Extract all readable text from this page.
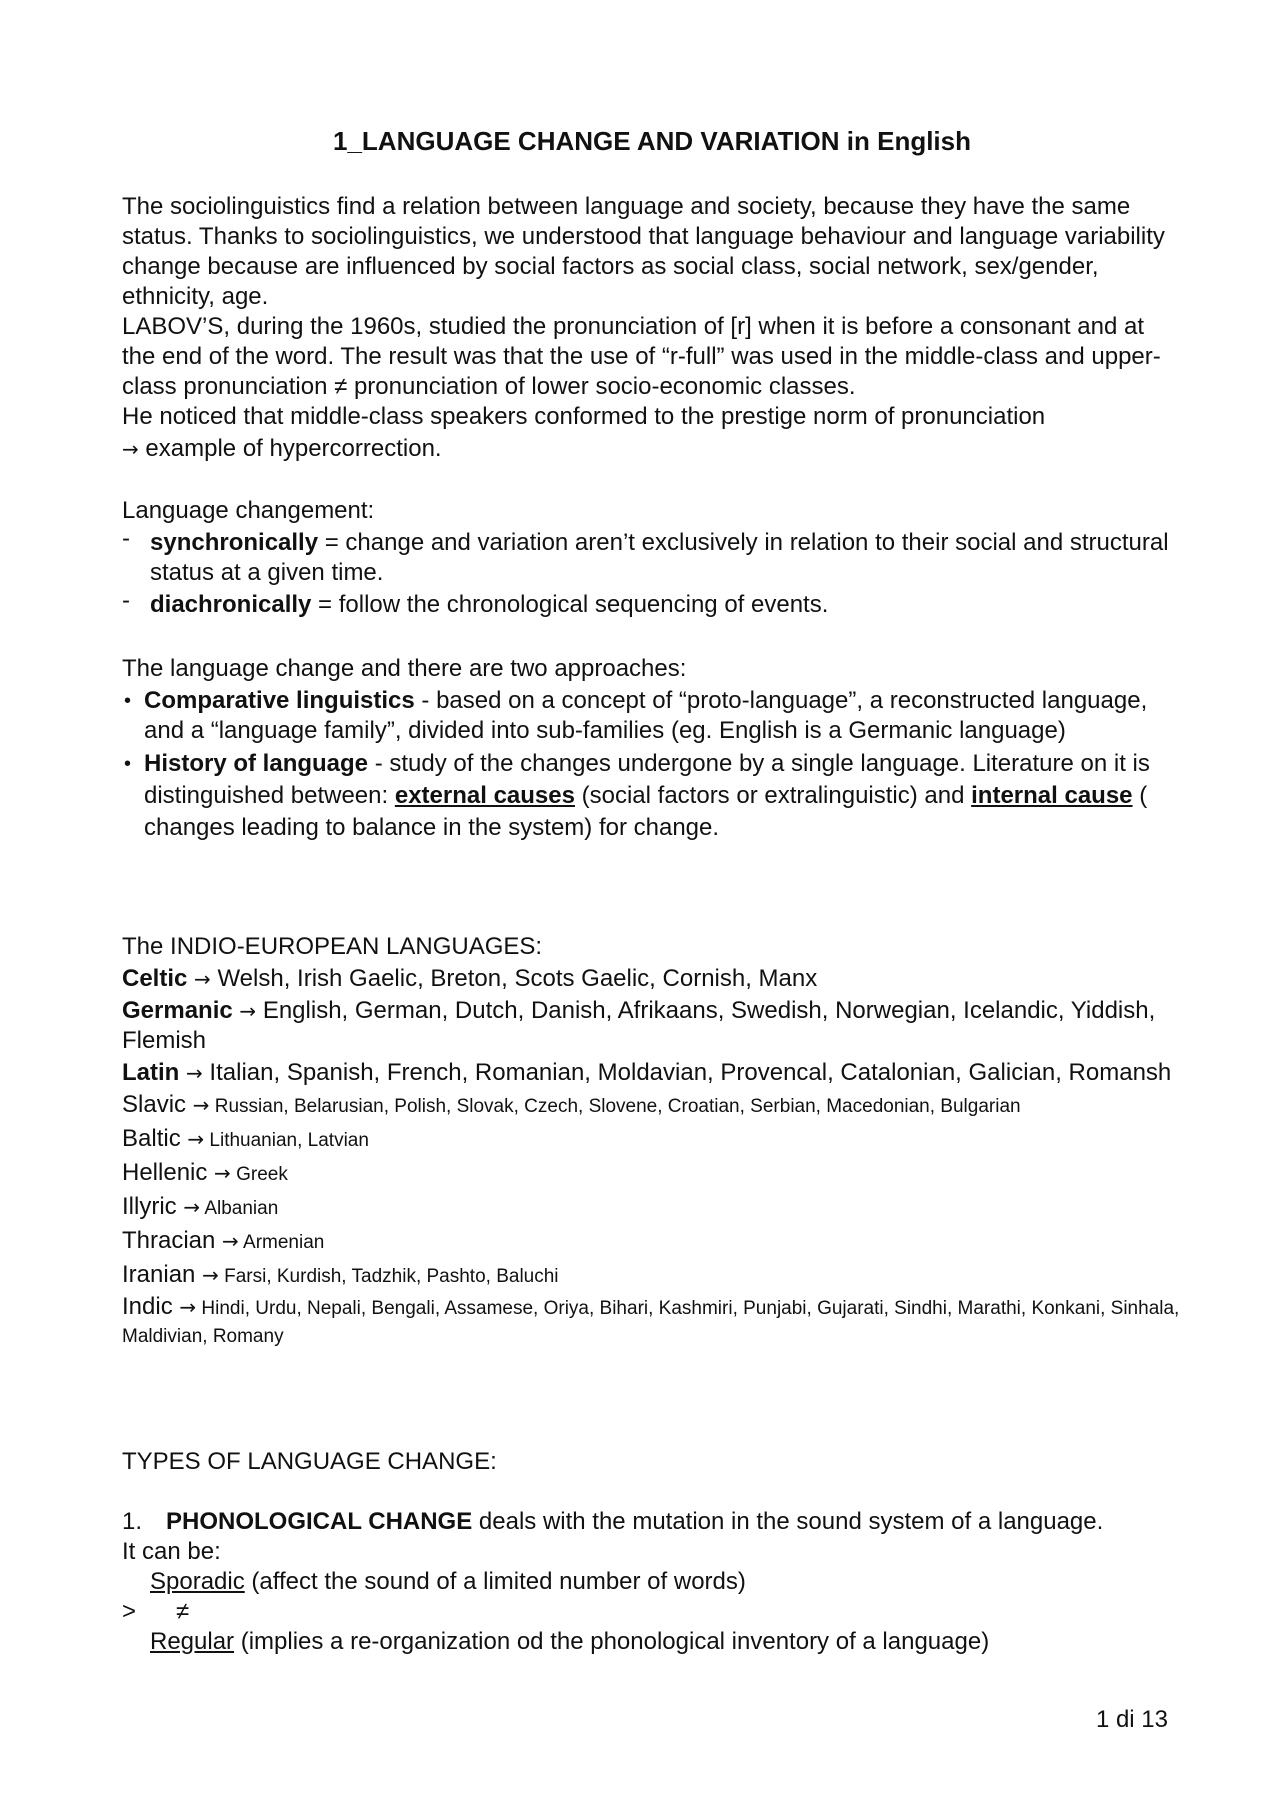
1_LANGUAGE CHANGE AND VARIATION in English

The sociolinguistics find a relation between language and society, because they have the same status. Thanks to sociolinguistics, we understood that language behaviour and language variability change because are influenced by social factors as social class, social network, sex/gender, ethnicity, age.

LABOV’S, during the 1960s, studied the pronunciation of [r] when it is before a consonant and at the end of the word. The result was that the use of “r-full” was used in the middle-class and upper-class pronunciation ≠ pronunciation of lower socio-economic classes.

He noticed that middle-class speakers conformed to the prestige norm of pronunciation

→ example of hypercorrection.

Language changement:

- synchronically = change and variation aren’t exclusively in relation to their social and structural status at a given time.
- diachronically = follow the chronological sequencing of events.

The language change and there are two approaches:

• Comparative linguistics - based on a concept of “proto-language”, a reconstructed language, and a “language family”, divided into sub-families (eg. English is a Germanic language)
• History of language - study of the changes undergone by a single language. Literature on it is distinguished between: external causes (social factors or extralinguistic) and internal cause ( changes leading to balance in the system) for change.

The INDIO-EUROPEAN LANGUAGES:

Celtic → Welsh, Irish Gaelic, Breton, Scots Gaelic, Cornish, Manx

Germanic → English, German, Dutch, Danish, Afrikaans, Swedish, Norwegian, Icelandic, Yiddish, Flemish

Latin → Italian, Spanish, French, Romanian, Moldavian, Provencal, Catalonian, Galician, Romansh

Slavic → Russian, Belarusian, Polish, Slovak, Czech, Slovene, Croatian, Serbian, Macedonian, Bulgarian

Baltic → Lithuanian, Latvian

Hellenic → Greek

Illyric → Albanian

Thracian → Armenian

Iranian → Farsi, Kurdish, Tadzhik, Pashto, Baluchi

Indic → Hindi, Urdu, Nepali, Bengali, Assamese, Oriya, Bihari, Kashmiri, Punjabi, Gujarati, Sindhi, Marathi, Konkani, Sinhala, Maldivian, Romany

TYPES OF LANGUAGE CHANGE:

1. PHONOLOGICAL CHANGE deals with the mutation in the sound system of a language.

It can be:

Sporadic (affect the sound of a limited number of words)

> ≠

Regular (implies a re-organization od the phonological inventory of a language)

1 di 13
